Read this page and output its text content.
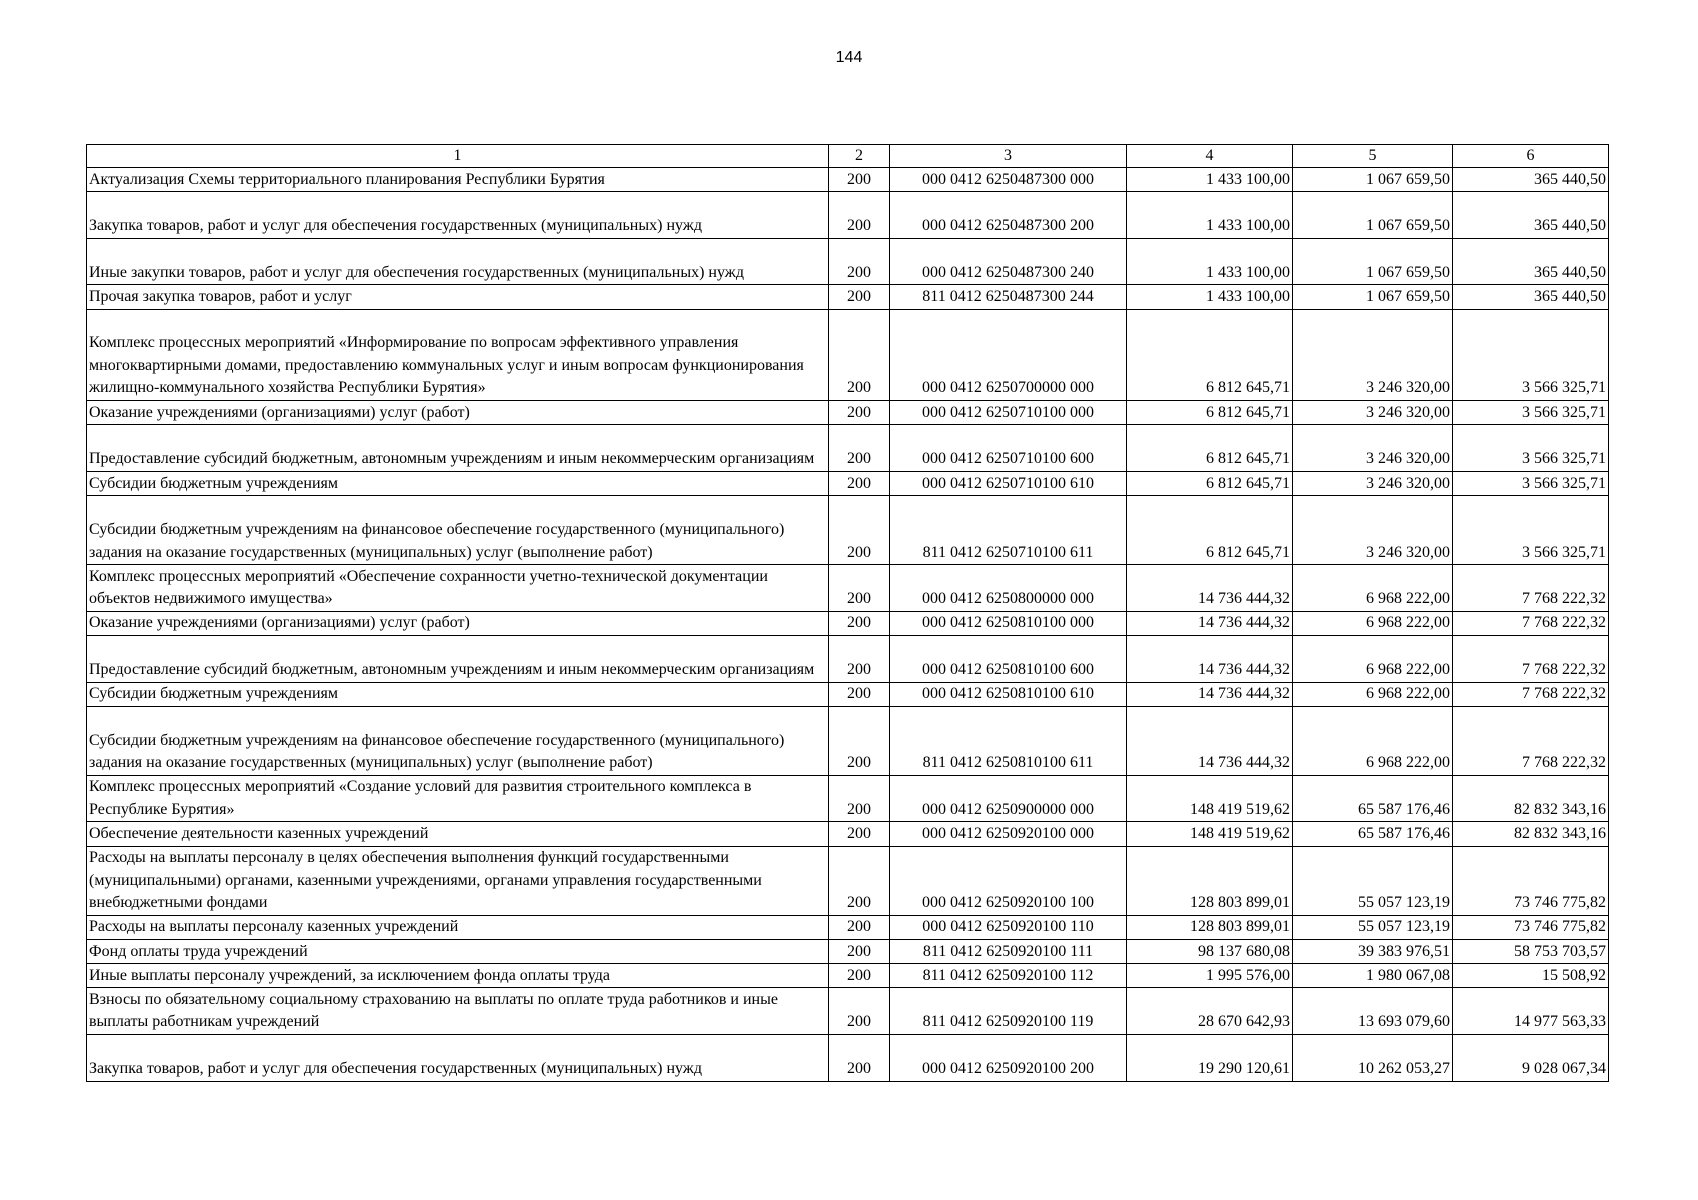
144
1	2	3	4	5	6
Актуализация Схемы территориального планирования Республики Бурятия	200	000 0412 6250487300 000	1 433 100,00	1 067 659,50	365 440,50
Закупка товаров, работ и услуг для обеспечения государственных (муниципальных) нужд	200	000 0412 6250487300 200	1 433 100,00	1 067 659,50	365 440,50
Иные закупки товаров, работ и услуг для обеспечения государственных (муниципальных) нужд	200	000 0412 6250487300 240	1 433 100,00	1 067 659,50	365 440,50
Прочая закупка товаров, работ и услуг	200	811 0412 6250487300 244	1 433 100,00	1 067 659,50	365 440,50
Комплекс процессных мероприятий «Информирование по вопросам эффективного управления многоквартирными домами, предоставлению коммунальных услуг и иным вопросам функционирования жилищно-коммунального хозяйства Республики Бурятия»	200	000 0412 6250700000 000	6 812 645,71	3 246 320,00	3 566 325,71
Оказание учреждениями (организациями) услуг (работ)	200	000 0412 6250710100 000	6 812 645,71	3 246 320,00	3 566 325,71
Предоставление субсидий бюджетным, автономным учреждениям и иным некоммерческим организациям	200	000 0412 6250710100 600	6 812 645,71	3 246 320,00	3 566 325,71
Субсидии бюджетным учреждениям	200	000 0412 6250710100 610	6 812 645,71	3 246 320,00	3 566 325,71
Субсидии бюджетным учреждениям на финансовое обеспечение государственного (муниципального) задания на оказание государственных (муниципальных) услуг (выполнение работ)	200	811 0412 6250710100 611	6 812 645,71	3 246 320,00	3 566 325,71
Комплекс процессных мероприятий «Обеспечение сохранности учетно-технической документации объектов недвижимого имущества»	200	000 0412 6250800000 000	14 736 444,32	6 968 222,00	7 768 222,32
Оказание учреждениями (организациями) услуг (работ)	200	000 0412 6250810100 000	14 736 444,32	6 968 222,00	7 768 222,32
Предоставление субсидий бюджетным, автономным учреждениям и иным некоммерческим организациям	200	000 0412 6250810100 600	14 736 444,32	6 968 222,00	7 768 222,32
Субсидии бюджетным учреждениям	200	000 0412 6250810100 610	14 736 444,32	6 968 222,00	7 768 222,32
Субсидии бюджетным учреждениям на финансовое обеспечение государственного (муниципального) задания на оказание государственных (муниципальных) услуг (выполнение работ)	200	811 0412 6250810100 611	14 736 444,32	6 968 222,00	7 768 222,32
Комплекс процессных мероприятий «Создание условий для развития строительного комплекса в Республике Бурятия»	200	000 0412 6250900000 000	148 419 519,62	65 587 176,46	82 832 343,16
Обеспечение деятельности казенных учреждений	200	000 0412 6250920100 000	148 419 519,62	65 587 176,46	82 832 343,16
Расходы на выплаты персоналу в целях обеспечения выполнения функций государственными (муниципальными) органами, казенными учреждениями, органами управления государственными внебюджетными фондами	200	000 0412 6250920100 100	128 803 899,01	55 057 123,19	73 746 775,82
Расходы на выплаты персоналу казенных учреждений	200	000 0412 6250920100 110	128 803 899,01	55 057 123,19	73 746 775,82
Фонд оплаты труда учреждений	200	811 0412 6250920100 111	98 137 680,08	39 383 976,51	58 753 703,57
Иные выплаты персоналу учреждений, за исключением фонда оплаты труда	200	811 0412 6250920100 112	1 995 576,00	1 980 067,08	15 508,92
Взносы по обязательному социальному страхованию на выплаты по оплате труда работников и иные выплаты работникам учреждений	200	811 0412 6250920100 119	28 670 642,93	13 693 079,60	14 977 563,33
Закупка товаров, работ и услуг для обеспечения государственных (муниципальных) нужд	200	000 0412 6250920100 200	19 290 120,61	10 262 053,27	9 028 067,34
